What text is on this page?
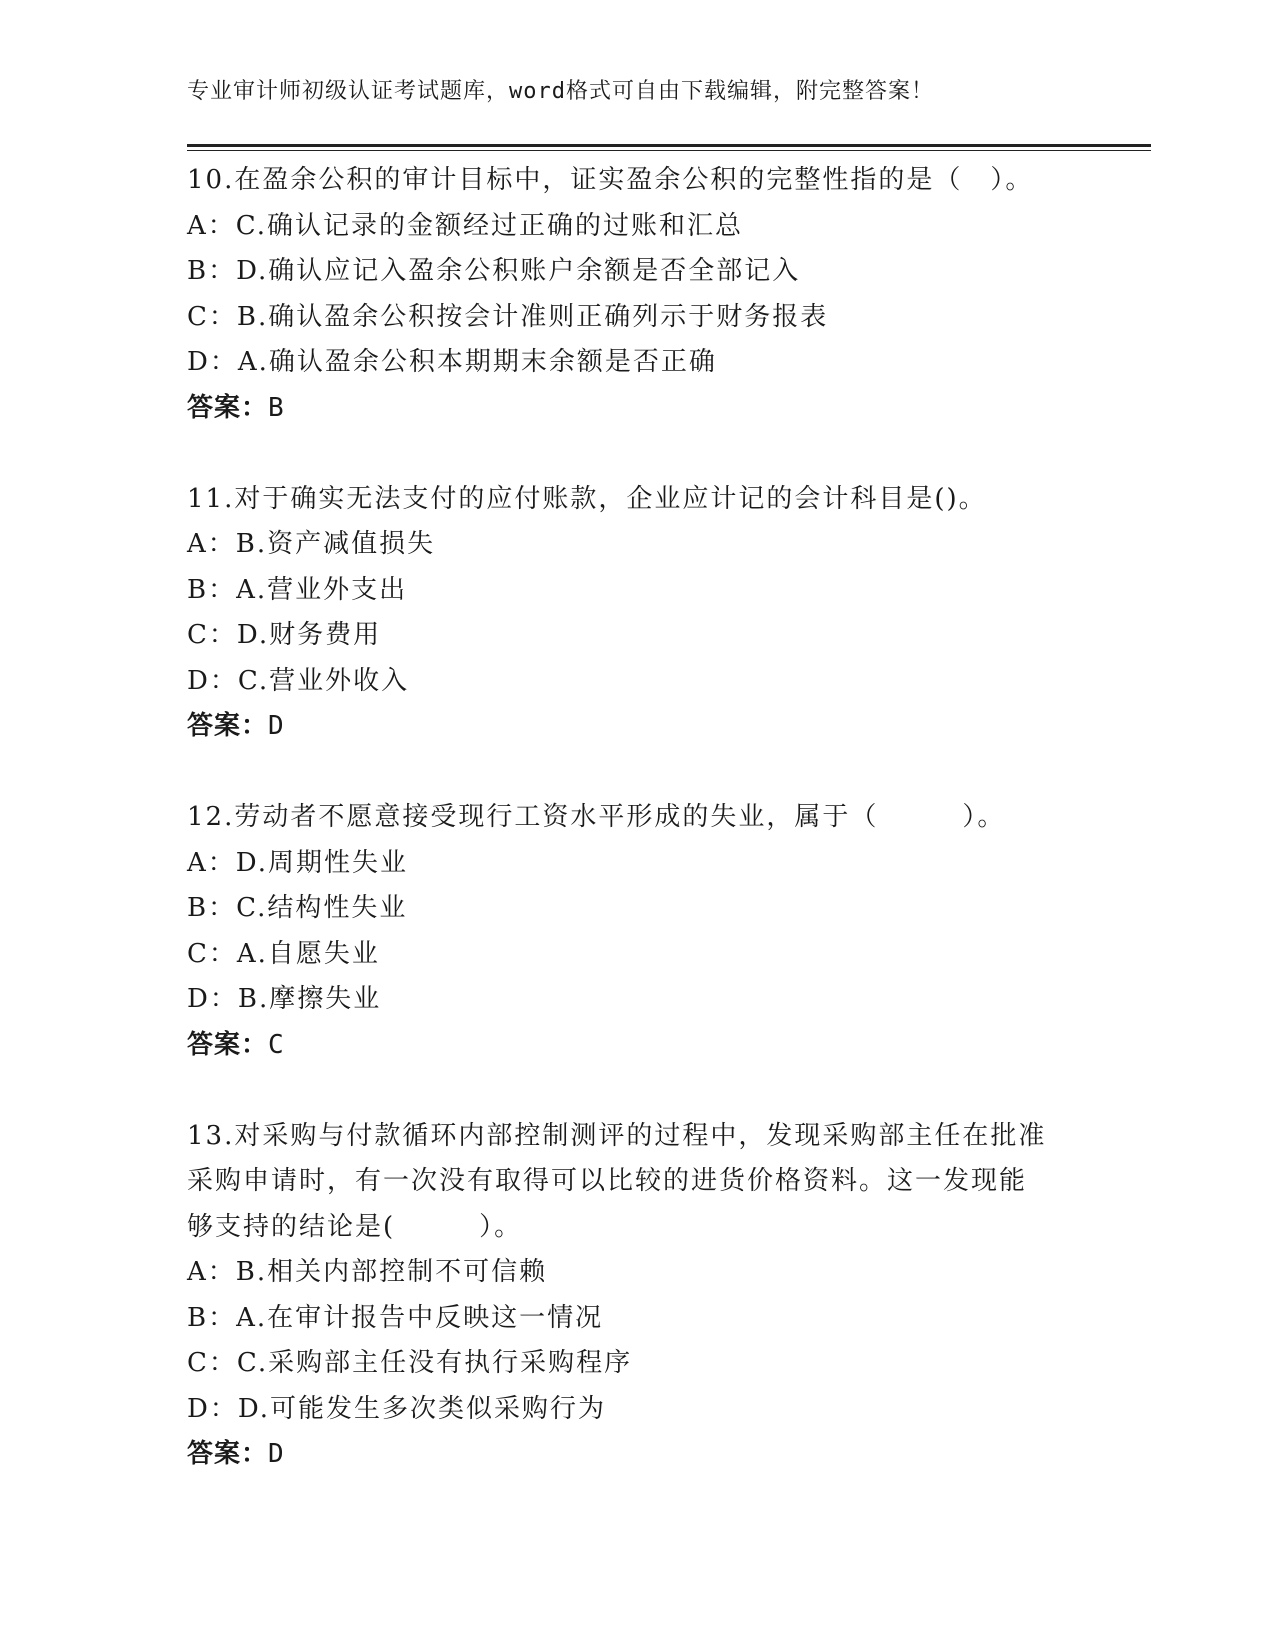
专业审计师初级认证考试题库，word格式可自由下载编辑，附完整答案！
10.在盈余公积的审计目标中，证实盈余公积的完整性指的是（　）。
A：C.确认记录的金额经过正确的过账和汇总
B：D.确认应记入盈余公积账户余额是否全部记入
C：B.确认盈余公积按会计准则正确列示于财务报表
D：A.确认盈余公积本期期末余额是否正确
答案：B
11.对于确实无法支付的应付账款，企业应计记的会计科目是()。
A：B.资产减值损失
B：A.营业外支出
C：D.财务费用
D：C.营业外收入
答案：D
12.劳动者不愿意接受现行工资水平形成的失业，属于（　　　）。
A：D.周期性失业
B：C.结构性失业
C：A.自愿失业
D：B.摩擦失业
答案：C
13.对采购与付款循环内部控制测评的过程中，发现采购部主任在批准
采购申请时，有一次没有取得可以比较的进货价格资料。这一发现能
够支持的结论是(　　　）。
A：B.相关内部控制不可信赖
B：A.在审计报告中反映这一情况
C：C.采购部主任没有执行采购程序
D：D.可能发生多次类似采购行为
答案：D
